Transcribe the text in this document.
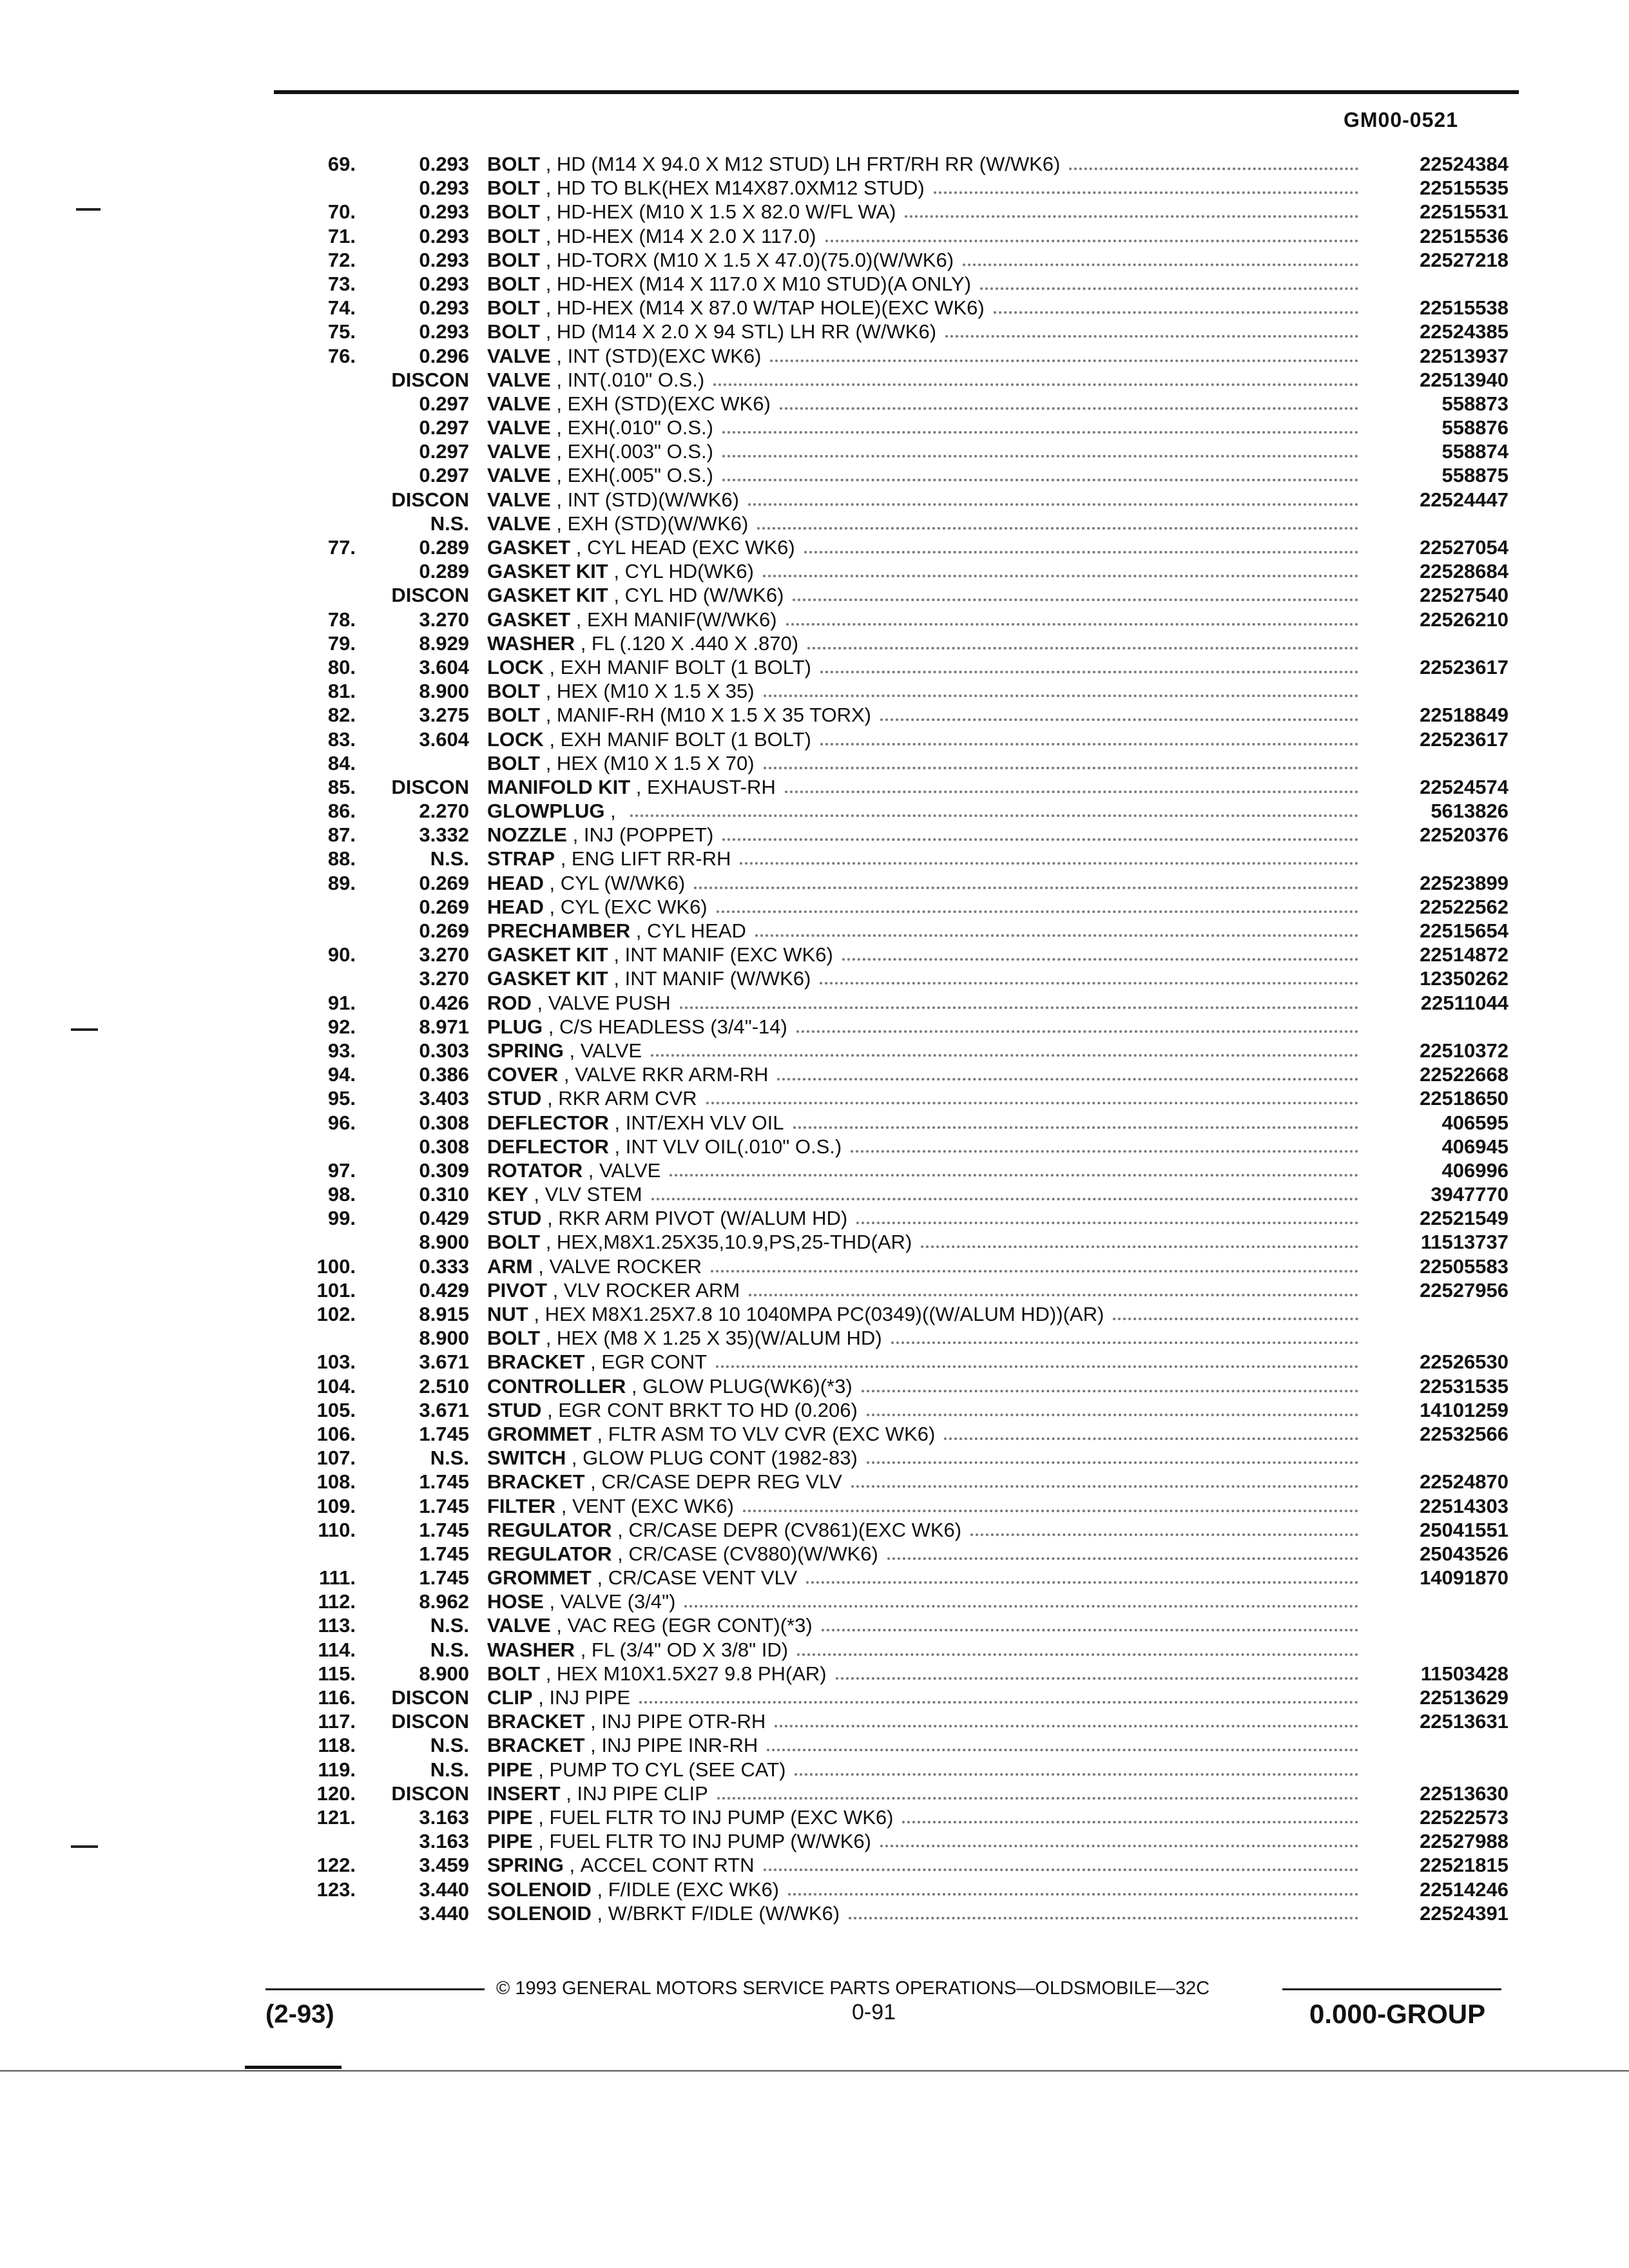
GM00-0521
69.	0.293 BOLT , HD (M14 X 94.0 X M12 STUD) LH FRT/RH RR (W/WK6)	22524384
0.293 BOLT , HD TO BLK(HEX M14X87.0XM12 STUD)	22515535
70.	0.293 BOLT , HD-HEX (M10 X 1.5 X 82.0 W/FL WA)	22515531
71.	0.293 BOLT , HD-HEX (M14 X 2.0 X 117.0)	22515536
72.	0.293 BOLT , HD-TORX (M10 X 1.5 X 47.0)(75.0)(W/WK6)	22527218
73.	0.293 BOLT , HD-HEX (M14 X 117.0 X M10 STUD)(A ONLY)
74.	0.293 BOLT , HD-HEX (M14 X 87.0 W/TAP HOLE)(EXC WK6)	22515538
75.	0.293 BOLT , HD (M14 X 2.0 X 94 STL) LH RR (W/WK6)	22524385
76.	0.296 VALVE , INT (STD)(EXC WK6)	22513937
DISCON VALVE , INT(.010" O.S.)	22513940
0.297 VALVE , EXH (STD)(EXC WK6)	558873
0.297 VALVE , EXH(.010" O.S.)	558876
0.297 VALVE , EXH(.003" O.S.)	558874
0.297 VALVE , EXH(.005" O.S.)	558875
DISCON VALVE , INT (STD)(W/WK6)	22524447
N.S. VALVE , EXH (STD)(W/WK6)
77.	0.289 GASKET , CYL HEAD (EXC WK6)	22527054
0.289 GASKET KIT , CYL HD(WK6)	22528684
DISCON GASKET KIT , CYL HD (W/WK6)	22527540
78.	3.270 GASKET , EXH MANIF(W/WK6)	22526210
79.	8.929 WASHER , FL (.120 X .440 X .870)
80.	3.604 LOCK , EXH MANIF BOLT (1 BOLT)	22523617
81.	8.900 BOLT , HEX (M10 X 1.5 X 35)
82.	3.275 BOLT , MANIF-RH (M10 X 1.5 X 35 TORX)	22518849
83.	3.604 LOCK , EXH MANIF BOLT (1 BOLT)	22523617
84.	BOLT , HEX (M10 X 1.5 X 70)
85. DISCON MANIFOLD KIT , EXHAUST-RH	22524574
86.	2.270 GLOWPLUG ,	5613826
87.	3.332 NOZZLE , INJ (POPPET)	22520376
88.	N.S. STRAP , ENG LIFT RR-RH
89.	0.269 HEAD , CYL (W/WK6)	22523899
0.269 HEAD , CYL (EXC WK6)	22522562
0.269 PRECHAMBER , CYL HEAD	22515654
90.	3.270 GASKET KIT , INT MANIF (EXC WK6)	22514872
3.270 GASKET KIT , INT MANIF (W/WK6)	12350262
91.	0.426 ROD , VALVE PUSH	22511044
92.	8.971 PLUG , C/S HEADLESS (3/4"-14)
93.	0.303 SPRING , VALVE	22510372
94.	0.386 COVER , VALVE RKR ARM-RH	22522668
95.	3.403 STUD , RKR ARM CVR	22518650
96.	0.308 DEFLECTOR , INT/EXH VLV OIL	406595
0.308 DEFLECTOR , INT VLV OIL(.010" O.S.)	406945
97.	0.309 ROTATOR , VALVE	406996
98.	0.310 KEY , VLV STEM	3947770
99.	0.429 STUD , RKR ARM PIVOT (W/ALUM HD)	22521549
8.900 BOLT , HEX,M8X1.25X35,10.9,PS,25-THD(AR)	11513737
100.	0.333 ARM , VALVE ROCKER	22505583
101.	0.429 PIVOT , VLV ROCKER ARM	22527956
102.	8.915 NUT , HEX M8X1.25X7.8 10 1040MPA PC(0349)((W/ALUM HD))(AR)
8.900 BOLT , HEX (M8 X 1.25 X 35)(W/ALUM HD)
103.	3.671 BRACKET , EGR CONT	22526530
104.	2.510 CONTROLLER , GLOW PLUG(WK6)(*3)	22531535
105.	3.671 STUD , EGR CONT BRKT TO HD (0.206)	14101259
106.	1.745 GROMMET , FLTR ASM TO VLV CVR (EXC WK6)	22532566
107.	N.S. SWITCH , GLOW PLUG CONT (1982-83)
108.	1.745 BRACKET , CR/CASE DEPR REG VLV	22524870
109.	1.745 FILTER , VENT (EXC WK6)	22514303
110.	1.745 REGULATOR , CR/CASE DEPR (CV861)(EXC WK6)	25041551
1.745 REGULATOR , CR/CASE (CV880)(W/WK6)	25043526
111.	1.745 GROMMET , CR/CASE VENT VLV	14091870
112.	8.962 HOSE , VALVE (3/4")
113.	N.S. VALVE , VAC REG (EGR CONT)(*3)
114.	N.S. WASHER , FL (3/4" OD X 3/8" ID)
115.	8.900 BOLT , HEX M10X1.5X27 9.8 PH(AR)	11503428
116. DISCON CLIP , INJ PIPE	22513629
117. DISCON BRACKET , INJ PIPE OTR-RH	22513631
118.	N.S. BRACKET , INJ PIPE INR-RH
119.	N.S. PIPE , PUMP TO CYL (SEE CAT)
120. DISCON INSERT , INJ PIPE CLIP	22513630
121.	3.163 PIPE , FUEL FLTR TO INJ PUMP (EXC WK6)	22522573
3.163 PIPE , FUEL FLTR TO INJ PUMP (W/WK6)	22527988
122.	3.459 SPRING , ACCEL CONT RTN	22521815
123.	3.440 SOLENOID , F/IDLE (EXC WK6)	22514246
3.440 SOLENOID , W/BRKT F/IDLE (W/WK6)	22524391
© 1993 GENERAL MOTORS SERVICE PARTS OPERATIONS—OLDSMOBILE—32C
(2-93)	0-91	0.000-GROUP
